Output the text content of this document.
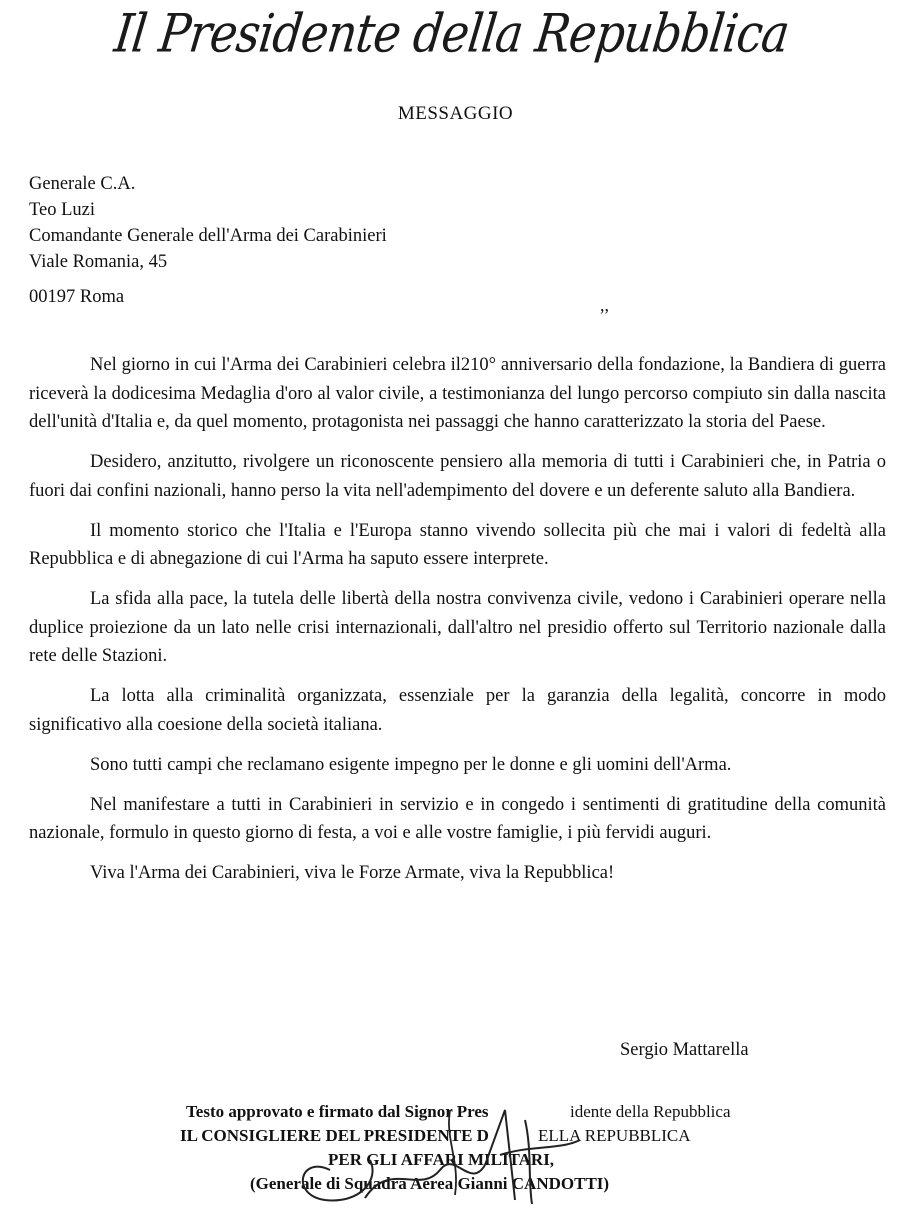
Il Presidente della Repubblica
MESSAGGIO
Generale C.A.
Teo Luzi
Comandante Generale dell'Arma dei Carabinieri
Viale Romania, 45
00197 Roma	,,

Nel giorno in cui l'Arma dei Carabinieri celebra il210° anniversario della fondazione, la Bandiera di guerra riceverà la dodicesima Medaglia d'oro al valor civile, a testimonianza del lungo percorso compiuto sin dalla nascita dell'unità d'Italia e, da quel momento, protagonista nei passaggi che hanno caratterizzato la storia del Paese.

Desidero, anzitutto, rivolgere un riconoscente pensiero alla memoria di tutti i Carabinieri che, in Patria o fuori dai confini nazionali, hanno perso la vita nell'adempimento del dovere e un deferente saluto alla Bandiera.

Il momento storico che l'Italia e l'Europa stanno vivendo sollecita più che mai i valori di fedeltà alla Repubblica e di abnegazione di cui l'Arma ha saputo essere interprete.

La sfida alla pace, la tutela delle libertà della nostra convivenza civile, vedono i Carabinieri operare nella duplice proiezione da un lato nelle crisi internazionali, dall'altro nel presidio offerto sul Territorio nazionale dalla rete delle Stazioni.

La lotta alla criminalità organizzata, essenziale per la garanzia della legalità, concorre in modo significativo alla coesione della società italiana.

Sono tutti campi che reclamano esigente impegno per le donne e gli uomini dell'Arma.

Nel manifestare a tutti in Carabinieri in servizio e in congedo i sentimenti di gratitudine della comunità nazionale, formulo in questo giorno di festa, a voi e alle vostre famiglie, i più fervidi auguri.

Viva l'Arma dei Carabinieri, viva le Forze Armate, viva la Repubblica!

Sergio Mattarella
Testo approvato e firmato dal Signor Pres	idente della Repubblica
IL CONSIGLIERE DEL PRESIDENTE D	ELLA REPUBBLICA
PER GLI AFFARI MILITARI,
(Generale di Squadra Aerea Gianni CANDOTTI)
